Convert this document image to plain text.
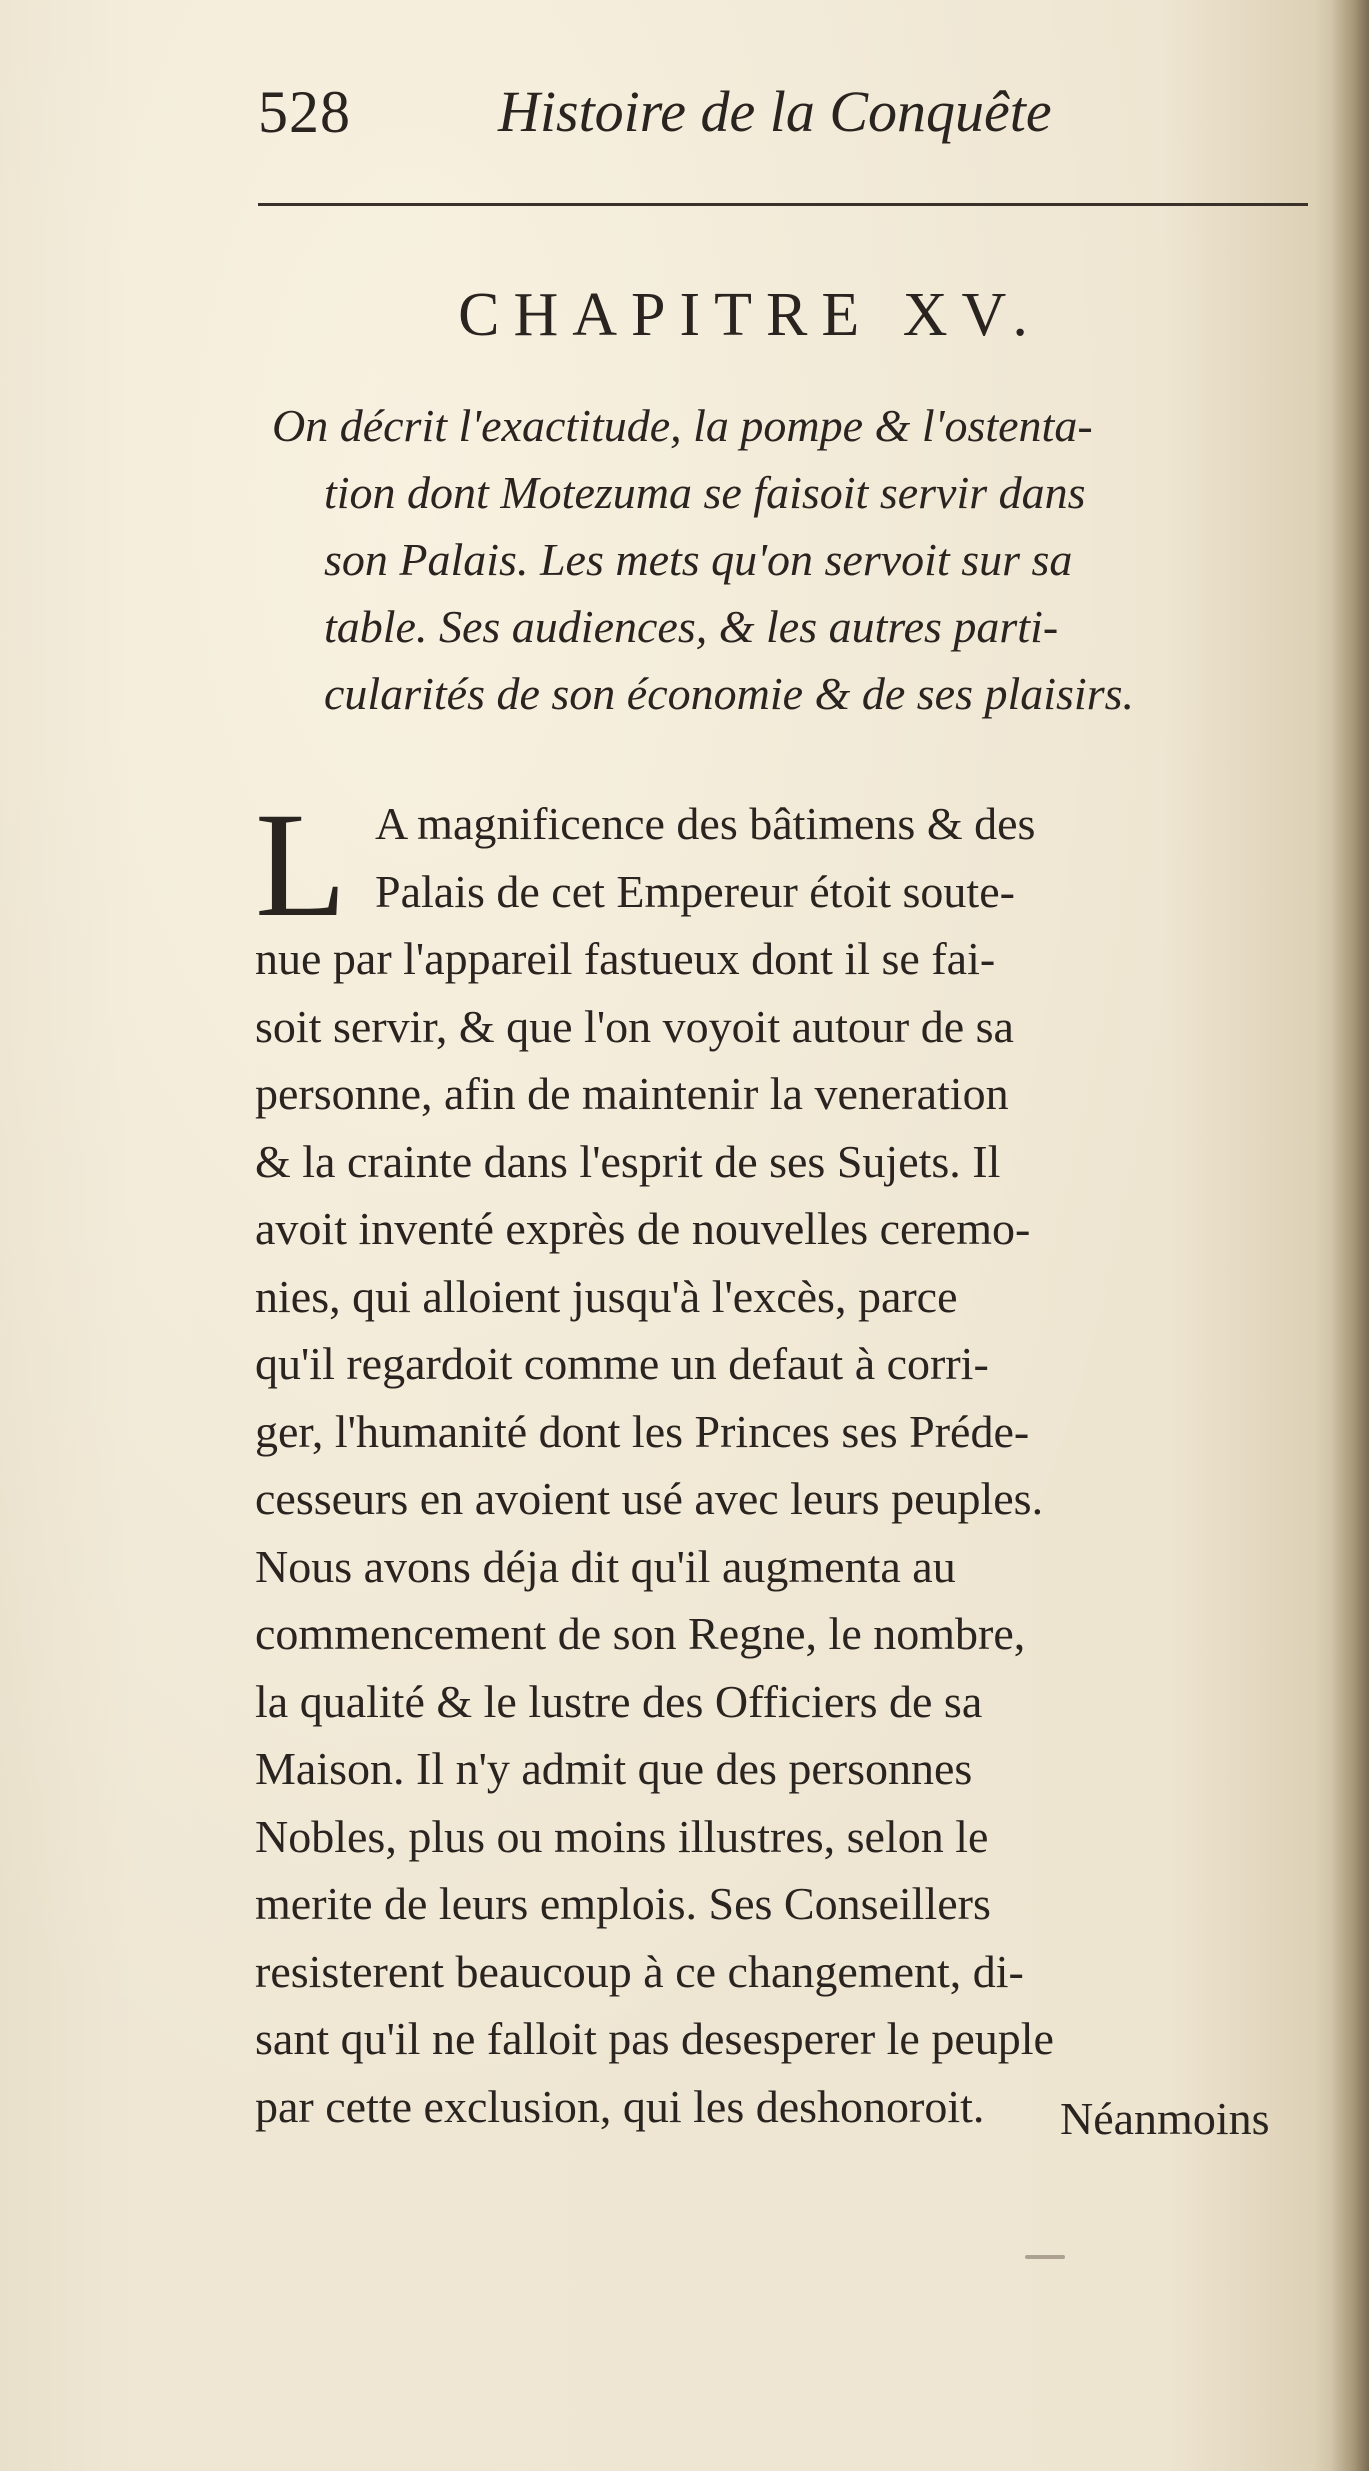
528	Histoire de la Conquête
CHAPITRE XV.
On décrit l'exactitude, la pompe & l'ostenta-
tion dont Motezuma se faisoit servir dans
son Palais. Les mets qu'on servoit sur sa
table. Ses audiences, & les autres parti-
cularités de son économie & de ses plaisirs.
L A magnificence des bâtimens & des
Palais de cet Empereur étoit soute-
nue par l'appareil fastueux dont il se fai-
soit servir, & que l'on voyoit autour de sa
personne, afin de maintenir la veneration
& la crainte dans l'esprit de ses Sujets. Il
avoit inventé exprès de nouvelles ceremo-
nies, qui alloient jusqu'à l'excès, parce
qu'il regardoit comme un defaut à corri-
ger, l'humanité dont les Princes ses Préde-
cesseurs en avoient usé avec leurs peuples.
Nous avons déja dit qu'il augmenta au
commencement de son Regne, le nombre,
la qualité & le lustre des Officiers de sa
Maison. Il n'y admit que des personnes
Nobles, plus ou moins illustres, selon le
merite de leurs emplois. Ses Conseillers
resisterent beaucoup à ce changement, di-
sant qu'il ne falloit pas desesperer le peuple
par cette exclusion, qui les deshonoroit.	Néanmoins
